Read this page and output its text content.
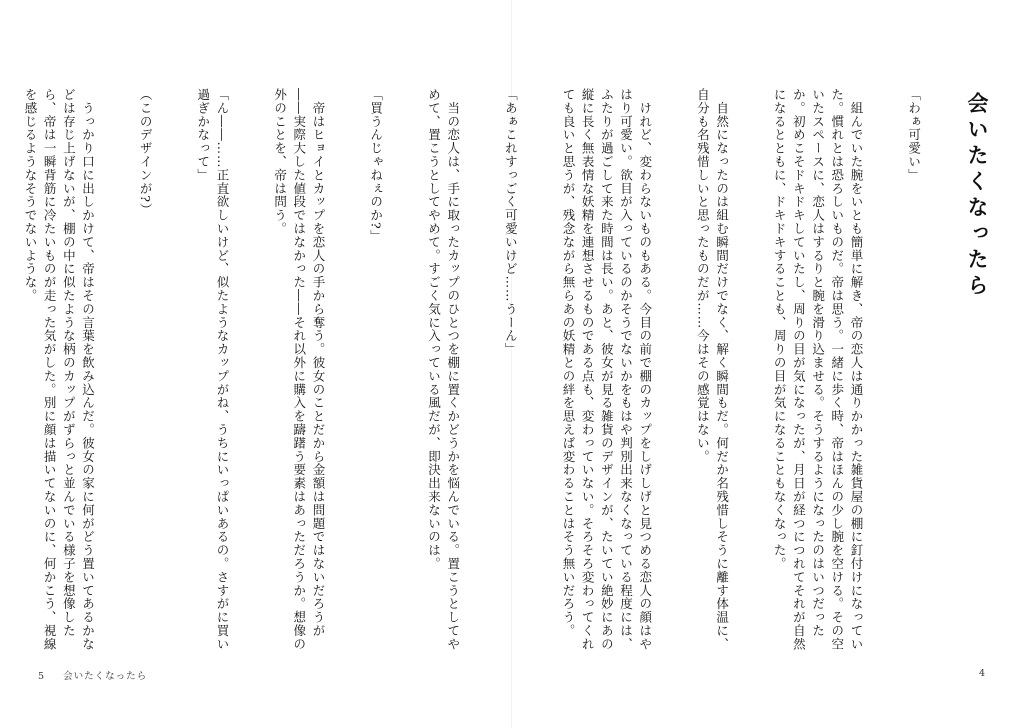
「買うんじゃねぇのか?」

　帝はヒョイとカップを恋人の手から奪う。彼女のことだから金額は問題ではないだろうが――実際大した値段ではなかった――それ以外に購入を躊躇う要素はあっただろうか。想像の外のことを、帝は問う。

「ん――……正直欲しいけど、似たようなカップがね、うちにいっぱいあるの。さすがに買い過ぎかなって」

（このデザインが?）

　うっかり口に出しかけて、帝はその言葉を飲み込んだ。彼女の家に何がどう置いてあるかなどは存じ上げないが、棚の中に似たような柄のカップがずらっと並んでいる様子を想像したら、帝は一瞬背筋に冷たいものが走った気がした。別に顔は描いてないのに、何かこう、視線を感じるようなそうでないような。

5 会いたくなったら
会いたくなったら

「わぁ可愛い」

　組んでいた腕をいとも簡単に解き、帝の恋人は通りかかった雑貨屋の棚に釘付けになっていた。慣れとは恐ろしいものだ。帝は思う。一緒に歩く時、帝はほんの少し腕を空ける。その空いたスペースに、恋人はするりと腕を滑り込ませる。そうするようになったのはいつだったか。初めこそドキドキしていたし、周りの目が気になったが、月日が経つにつれてそれが自然になるとともに、ドキドキすることも、周りの目が気になることもなくなった。

　自然になったのは組む瞬間だけでなく、解く瞬間もだ。何だか名残惜しそうに離す体温に、自分も名残惜しいと思ったものだが……今はその感覚はない。

　けれど、変わらないものもある。今目の前で棚のカップをしげしげと見つめる恋人の顔はやはり可愛い。欲目が入っているのかそうでないかをもはや判別出来なくなっている程度には、ふたりが過ごして来た時間は長い。あと、彼女が見る雑貨のデザインが、たいてい絶妙にあの縦に長く無表情な妖精を連想させるものである点も、変わっていない。そろそろ変わってくれても良いと思うが、残念ながら無らあの妖精との絆を思えば変わることはそう無いだろう。

「あぁこれすっごく可愛いけど……うーん」

　当の恋人は、手に取ったカップのひとつを棚に置くかどうかを悩んでいる。置こうとしてやめて、置こうとしてやめて。すごく気に入っている風だが、即決出来ないのは。

4
